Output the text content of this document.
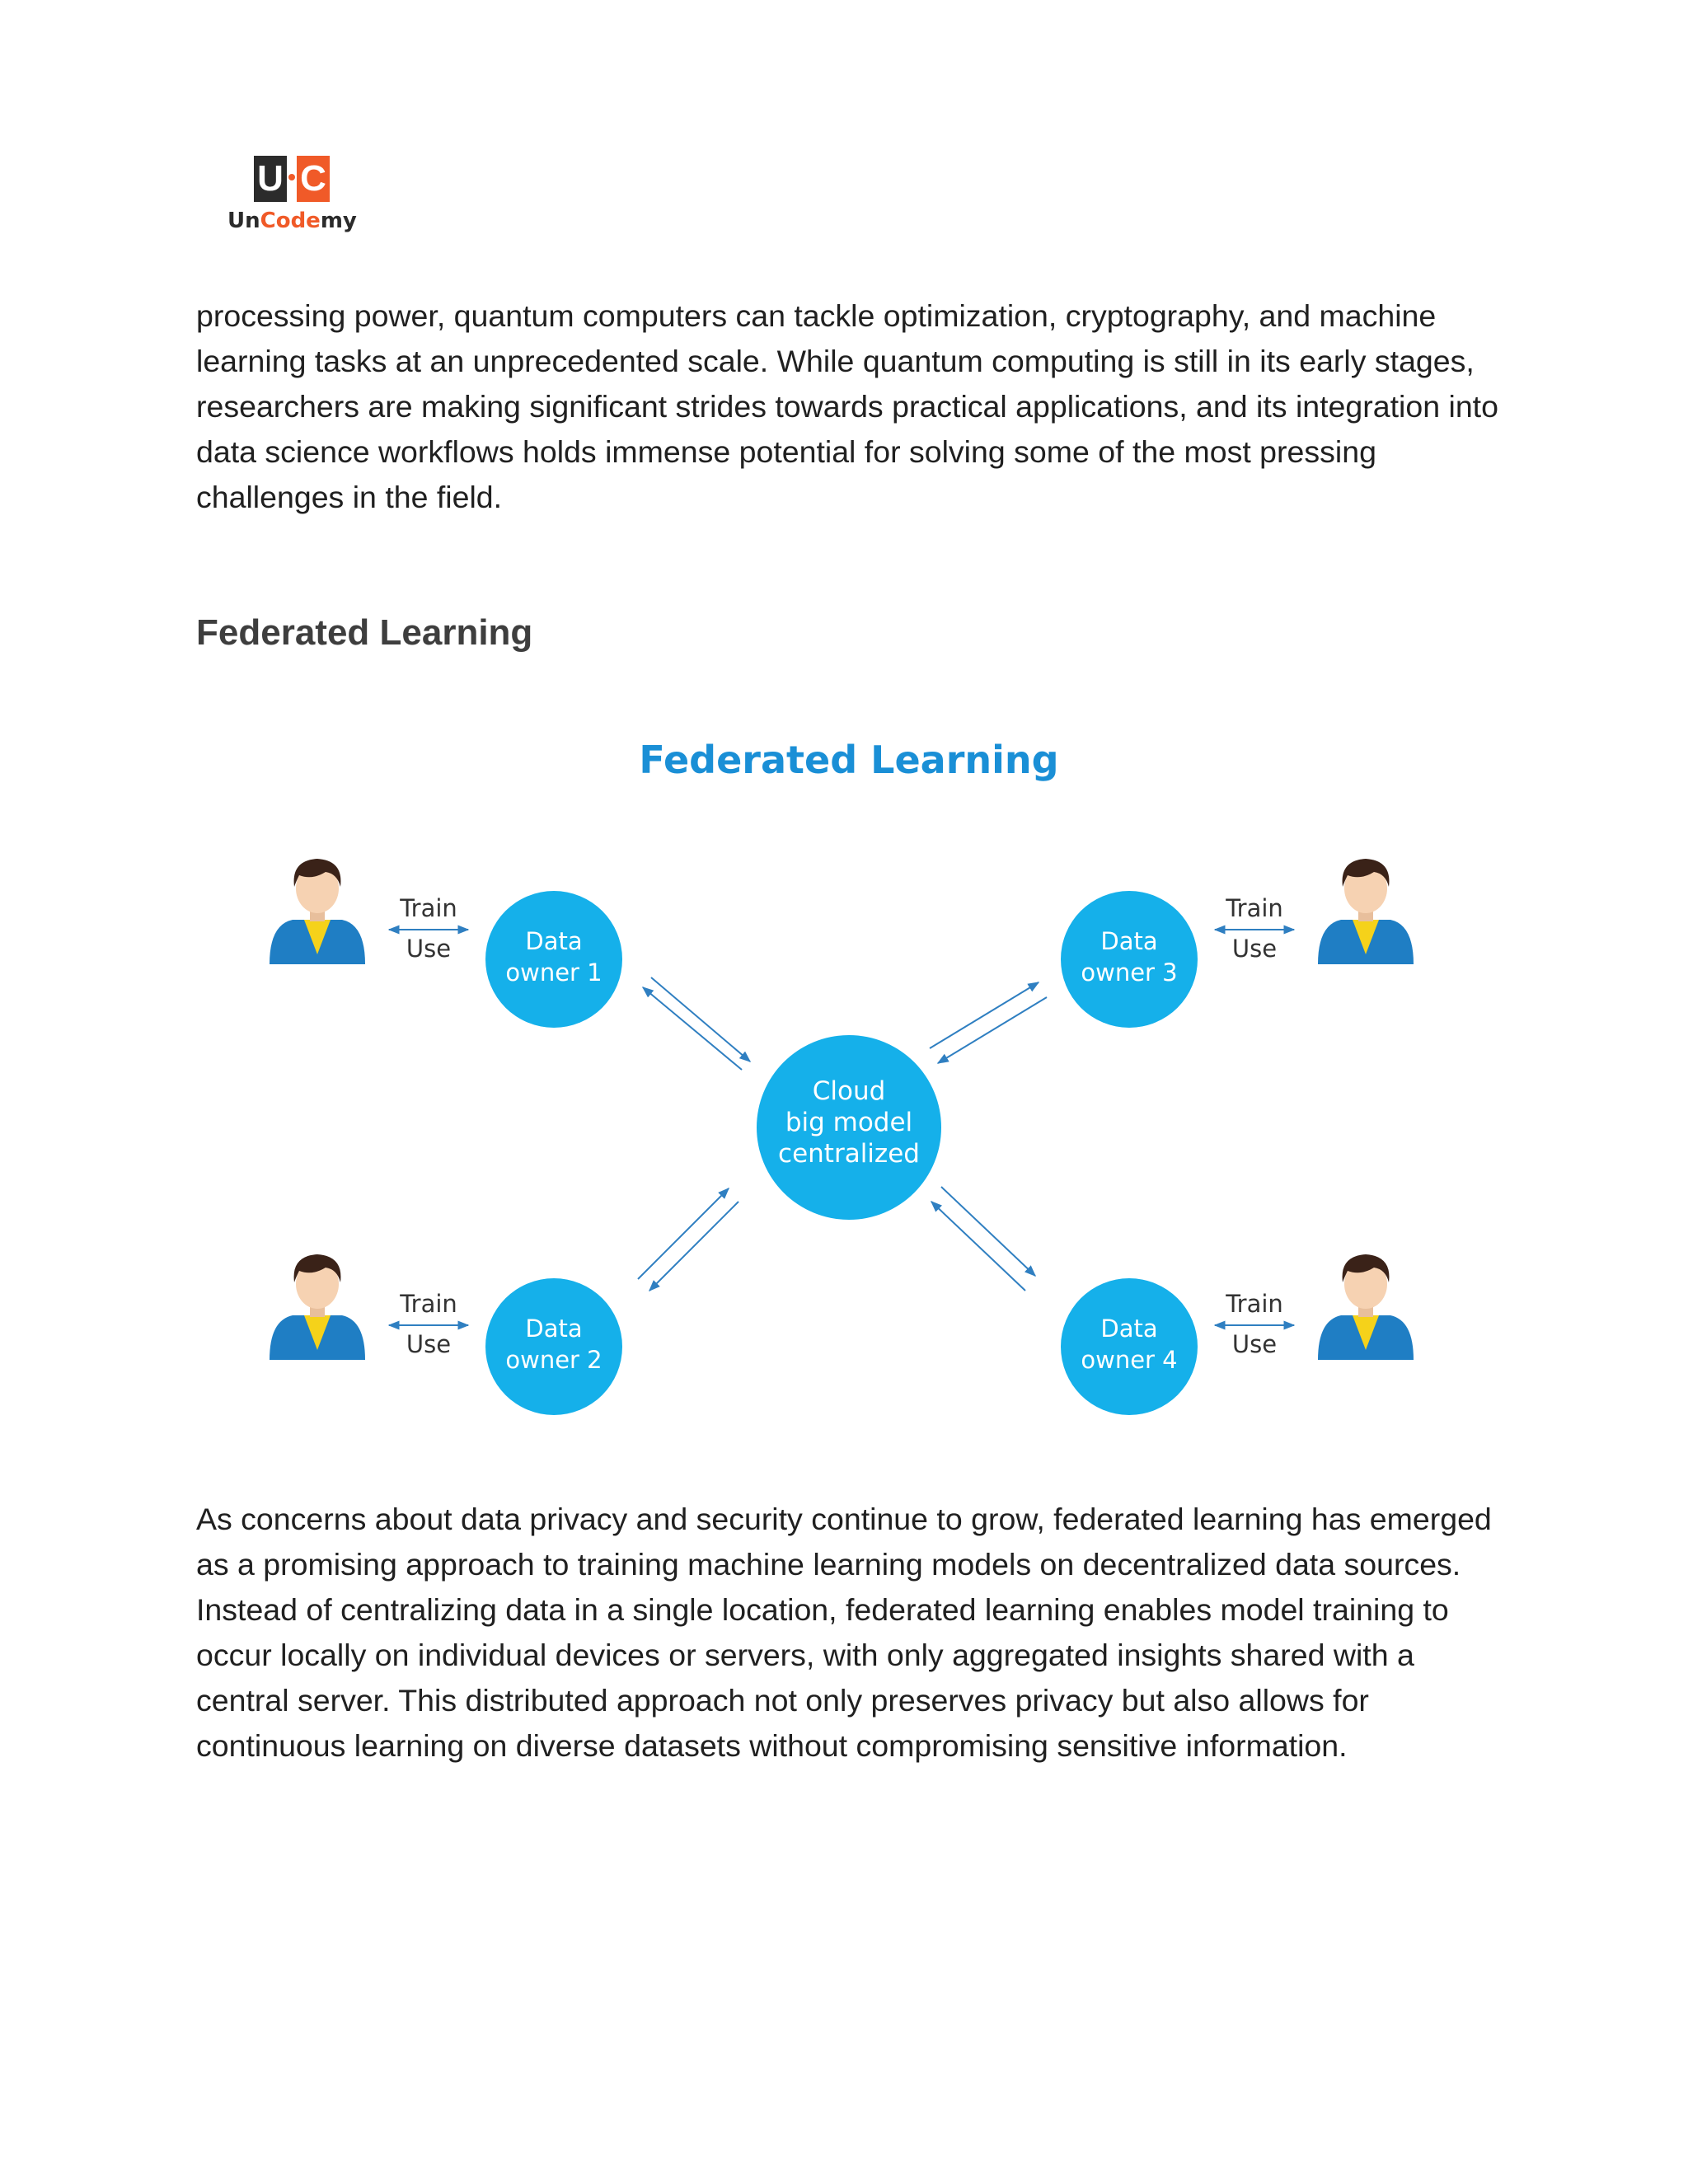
U C
UnCodemy

processing power, quantum computers can tackle optimization, cryptography, and machine learning tasks at an unprecedented scale. While quantum computing is still in its early stages, researchers are making significant strides towards practical applications, and its integration into data science workflows holds immense potential for solving some of the most pressing challenges in the field.

Federated Learning
Federated Learning
Cloud
big model
centralized
Data
owner 1
Data
owner 2
Data
owner 3
Data
owner 4
Train
Use
Train
Use
Train
Use
Train
Use

As concerns about data privacy and security continue to grow, federated learning has emerged as a promising approach to training machine learning models on decentralized data sources. Instead of centralizing data in a single location, federated learning enables model training to occur locally on individual devices or servers, with only aggregated insights shared with a central server. This distributed approach not only preserves privacy but also allows for continuous learning on diverse datasets without compromising sensitive information.
